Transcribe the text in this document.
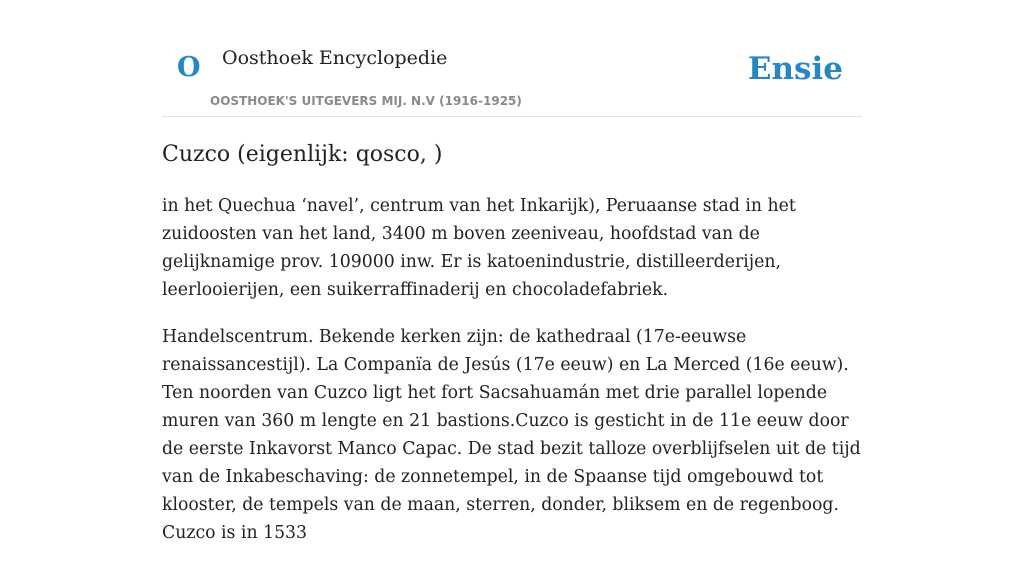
O Oosthoek Encyclopedie
OOSTHOEK'S UITGEVERS MIJ. N.V (1916-1925)
Ensie
Cuzco (eigenlijk: qosco, )

in het Quechua ‘navel’, centrum van het Inkarijk), Peruaanse stad in het zuidoosten van het land, 3400 m boven zeeniveau, hoofdstad van de gelijknamige prov. 109000 inw. Er is katoenindustrie, distilleerderijen, leerlooierijen, een suikerraffinaderij en chocoladefabriek.

Handelscentrum. Bekende kerken zijn: de kathedraal (17e-eeuwse renaissancestijl). La Companïa de Jesús (17e eeuw) en La Merced (16e eeuw). Ten noorden van Cuzco ligt het fort Sacsahuamán met drie parallel lopende muren van 360 m lengte en 21 bastions.Cuzco is gesticht in de 11e eeuw door de eerste Inkavorst Manco Capac. De stad bezit talloze overblijfselen uit de tijd van de Inkabeschaving: de zonnetempel, in de Spaanse tijd omgebouwd tot klooster, de tempels van de maan, sterren, donder, bliksem en de regenboog. Cuzco is in 1533
